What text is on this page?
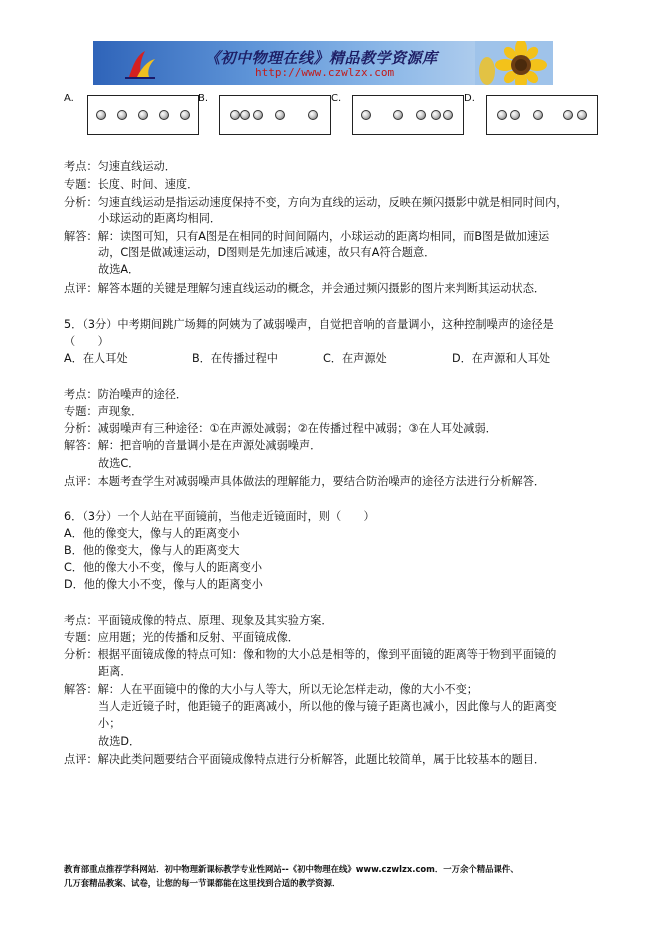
《初中物理在线》精品教学资源库
http://www.czwlzx.com
A.	B.	C.	D.
考点：匀速直线运动．
专题：长度、时间、速度．
分析：匀速直线运动是指运动速度保持不变，方向为直线的运动，反映在频闪摄影中就是相同时间内，
小球运动的距离均相同．
解答：解：读图可知，只有A图是在相同的时间间隔内，小球运动的距离均相同，而B图是做加速运
动，C图是做减速运动，D图则是先加速后减速，故只有A符合题意．
故选A．
点评：解答本题的关键是理解匀速直线运动的概念，并会通过频闪摄影的图片来判断其运动状态．
5．（3分）中考期间跳广场舞的阿姨为了减弱噪声，自觉把音响的音量调小，这种控制噪声的途径是
（　　）
A．在人耳处	B．在传播过程中	C．在声源处	D．在声源和人耳处
考点：防治噪声的途径．
专题：声现象．
分析：减弱噪声有三种途径：①在声源处减弱；②在传播过程中减弱；③在人耳处减弱．
解答：解：把音响的音量调小是在声源处减弱噪声．
故选C．
点评：本题考查学生对减弱噪声具体做法的理解能力，要结合防治噪声的途径方法进行分析解答．
6．（3分）一个人站在平面镜前，当他走近镜面时，则（　　）
A．他的像变大，像与人的距离变小
B．他的像变大，像与人的距离变大
C．他的像大小不变，像与人的距离变小
D．他的像大小不变，像与人的距离变小
考点：平面镜成像的特点、原理、现象及其实验方案．
专题：应用题；光的传播和反射、平面镜成像．
分析：根据平面镜成像的特点可知：像和物的大小总是相等的，像到平面镜的距离等于物到平面镜的
距离．
解答：解：人在平面镜中的像的大小与人等大，所以无论怎样走动，像的大小不变；
当人走近镜子时，他距镜子的距离减小，所以他的像与镜子距离也减小，因此像与人的距离变
小；
故选D．
点评：解决此类问题要结合平面镜成像特点进行分析解答，此题比较简单，属于比较基本的题目．
教育部重点推荐学科网站．初中物理新课标教学专业性网站--《初中物理在线》www.czwlzx.com．一万余个精品课件、
几万套精品教案、试卷，让您的每一节课都能在这里找到合适的教学资源．
